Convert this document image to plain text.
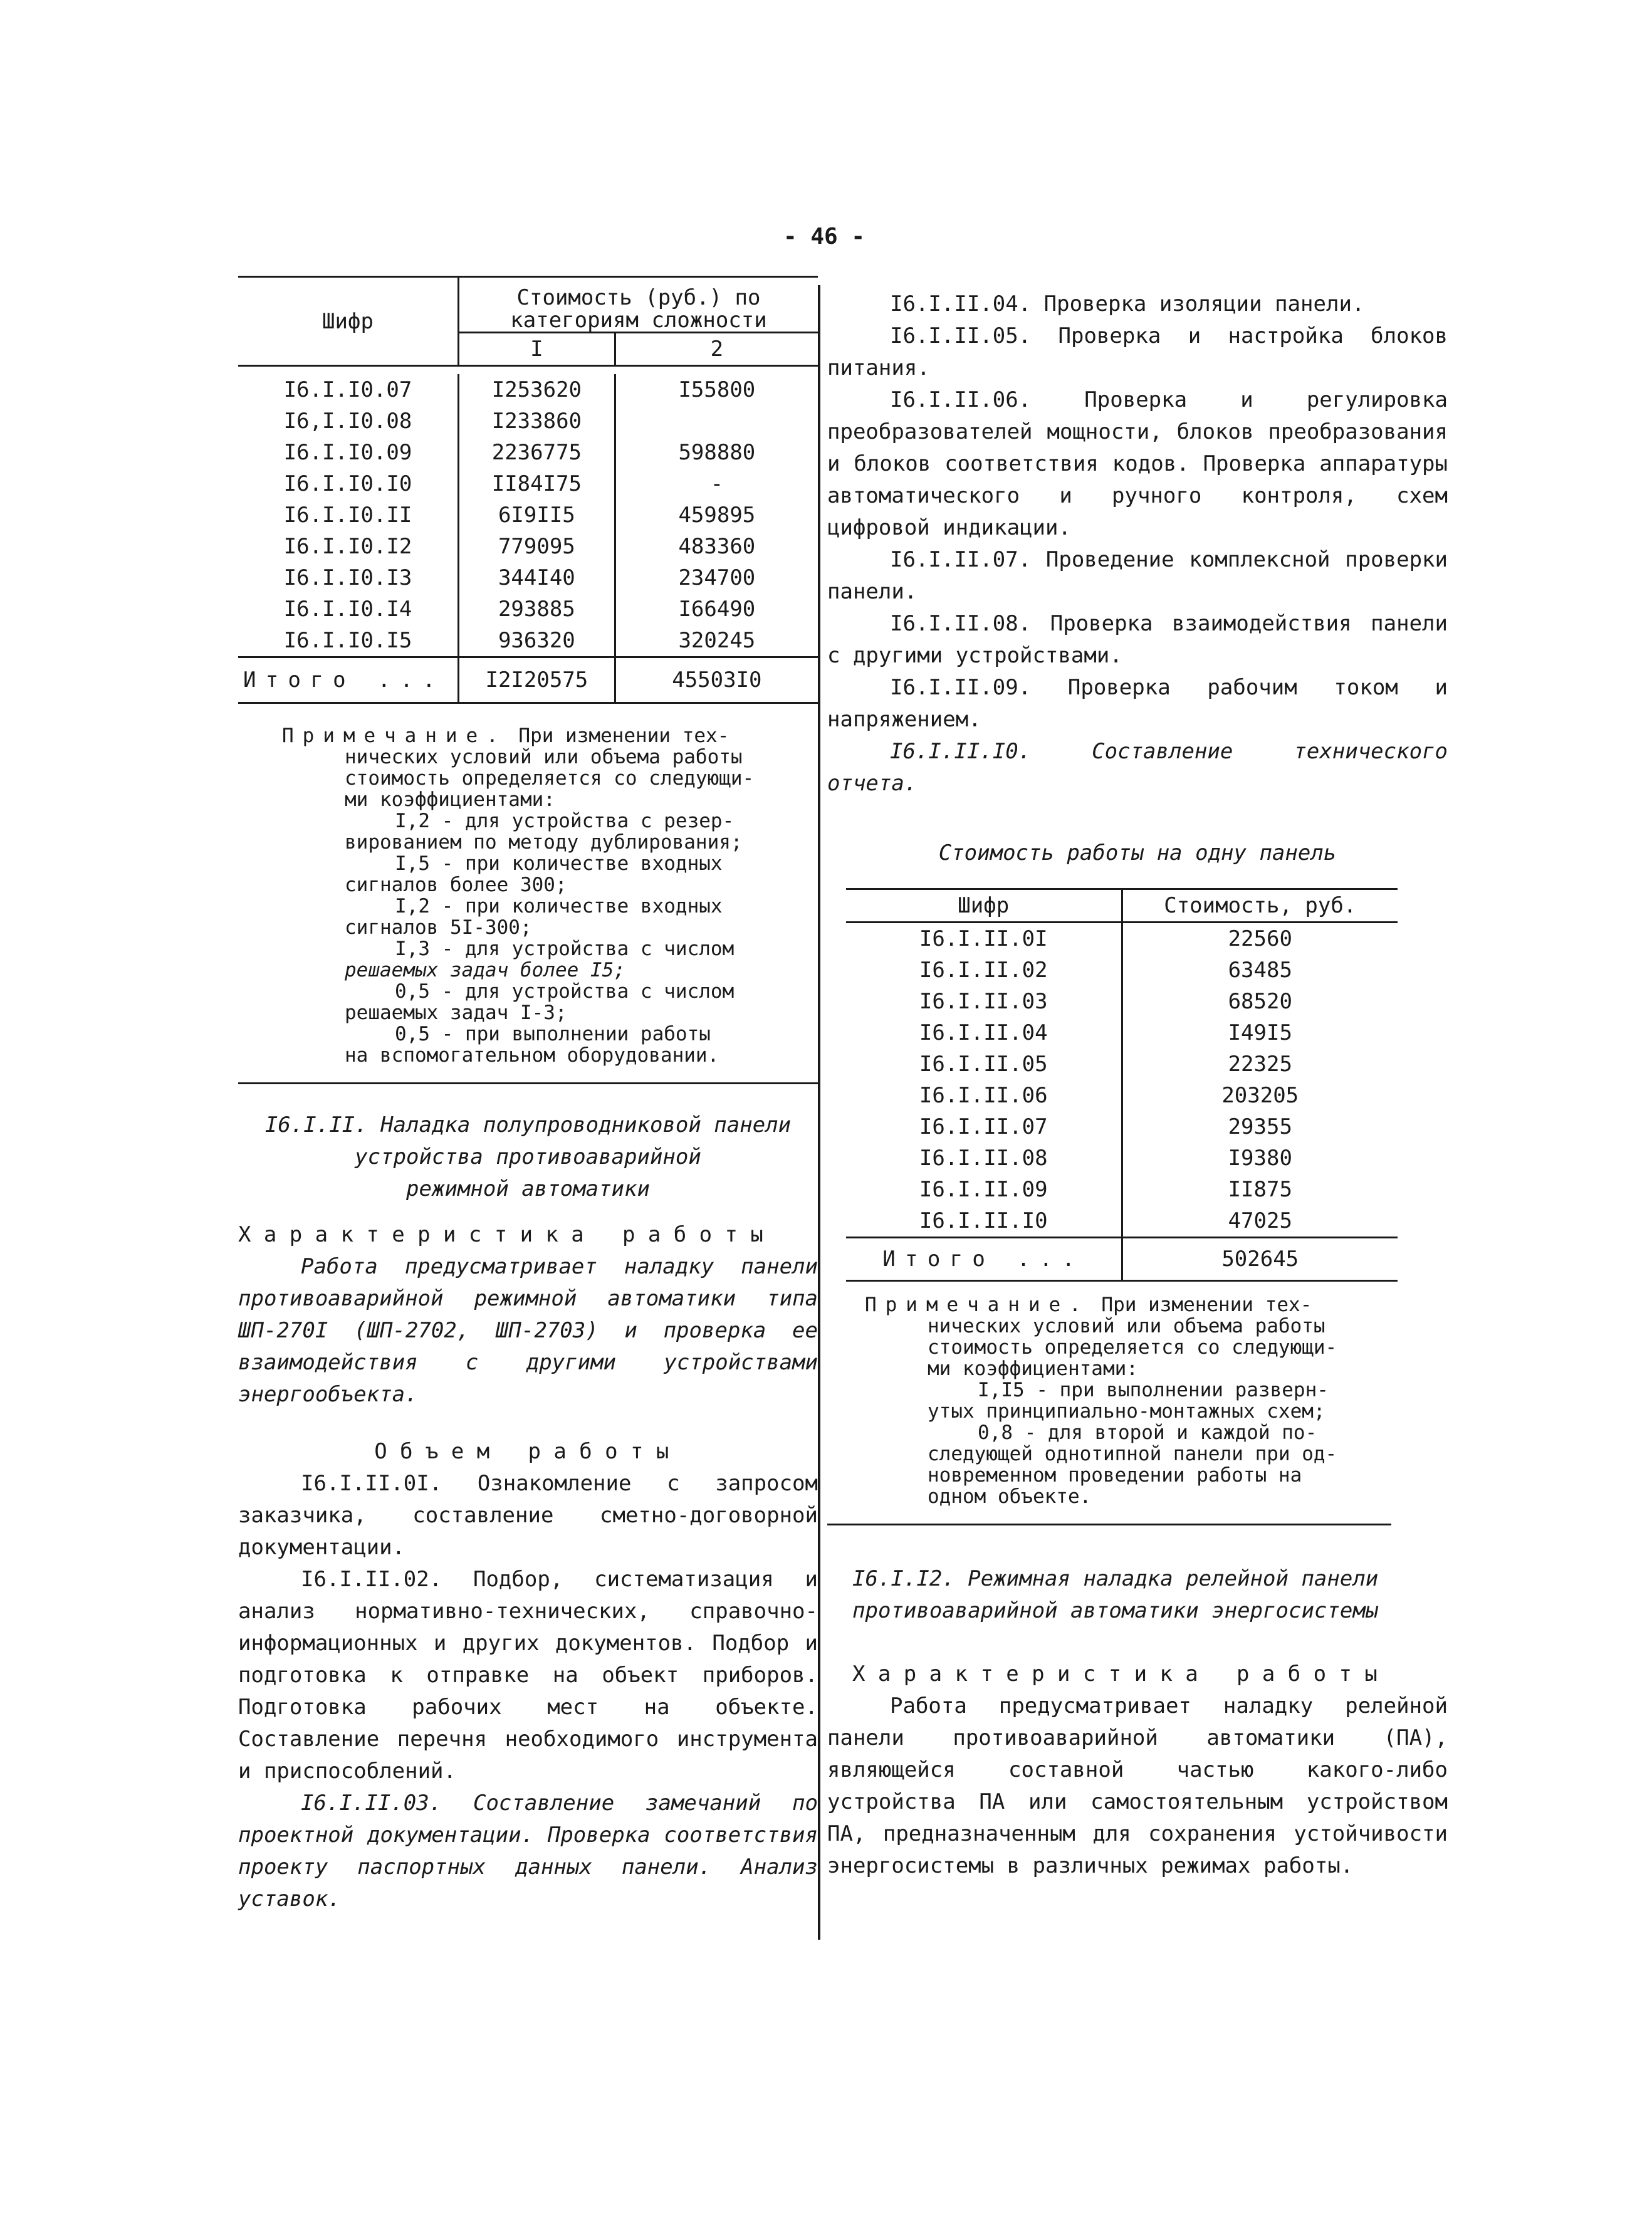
- 46 -
Шифр	Стоимость (руб.) по категориям сложности	
	I	2

I6.I.I0.07	I253620	I55800
I6,I.I0.08	I233860	
I6.I.I0.09	2236775	598880
I6.I.I0.I0	II84I75	-
I6.I.I0.II	6I9II5	459895
I6.I.I0.I2	779095	483360
I6.I.I0.I3	344I40	234700
I6.I.I0.I4	293885	I66490
I6.I.I0.I5	936320	320245
Итого ...	I2I20575	45503I0
Примечание. При изменении тех-
нических условий или объема работы
стоимость определяется со следующи-
ми коэффициентами:
I,2 - для устройства с резер-
вированием по методу дублирования;
I,5 - при количестве входных
сигналов более 300;
I,2 - при количестве входных
сигналов 5I-300;
I,3 - для устройства с числом
решаемых задач более I5;
0,5 - для устройства с числом
решаемых задач I-3;
0,5 - при выполнении работы
на вспомогательном оборудовании.
I6.I.II. Наладка полупроводниковой панели
устройства противоаварийной
режимной автоматики
Характеристика работы

Работа предусматривает наладку панели противоаварийной режимной автоматики типа ШП-270I (ШП-2702, ШП-2703) и проверка ее взаимодействия с другими устройствами энергообъекта.

Объем работы

I6.I.II.0I. Ознакомление с запросом заказчика, составление сметно-договорной документации.

I6.I.II.02. Подбор, систематизация и анализ нормативно-технических, справочно-информационных и других документов. Подбор и подготовка к отправке на объект приборов. Подготовка рабочих мест на объекте. Составление перечня необходимого инструмента и приспособлений.

I6.I.II.03. Составление замечаний по проектной документации. Проверка соответствия проекту паспортных данных панели. Анализ уставок.

I6.I.II.04. Проверка изоляции панели.

I6.I.II.05. Проверка и настройка блоков питания.

I6.I.II.06. Проверка и регулировка преобразователей мощности, блоков преобразования и блоков соответствия кодов. Проверка аппаратуры автоматического и ручного контроля, схем цифровой индикации.

I6.I.II.07. Проведение комплексной проверки панели.

I6.I.II.08. Проверка взаимодействия панели с другими устройствами.

I6.I.II.09. Проверка рабочим током и напряжением.

I6.I.II.I0. Составление технического отчета.

Стоимость работы на одну панель
Шифр	Стоимость, руб.
I6.I.II.0I	22560
I6.I.II.02	63485
I6.I.II.03	68520
I6.I.II.04	I49I5
I6.I.II.05	22325
I6.I.II.06	203205
I6.I.II.07	29355
I6.I.II.08	I9380
I6.I.II.09	II875
I6.I.II.I0	47025
Итого ...	502645
Примечание. При изменении тех-
нических условий или объема работы
стоимость определяется со следующи-
ми коэффициентами:
I,I5 - при выполнении разверн-
утых принципиально-монтажных схем;
0,8 - для второй и каждой по-
следующей однотипной панели при од-
новременном проведении работы на
одном объекте.
I6.I.I2. Режимная наладка релейной панели
противоаварийной автоматики энергосистемы
Характеристика работы

Работа предусматривает наладку релейной панели противоаварийной автоматики (ПА), являющейся составной частью какого-либо устройства ПА или самостоятельным устройством ПА, предназначенным для сохранения устойчивости энергосистемы в различных режимах работы.
